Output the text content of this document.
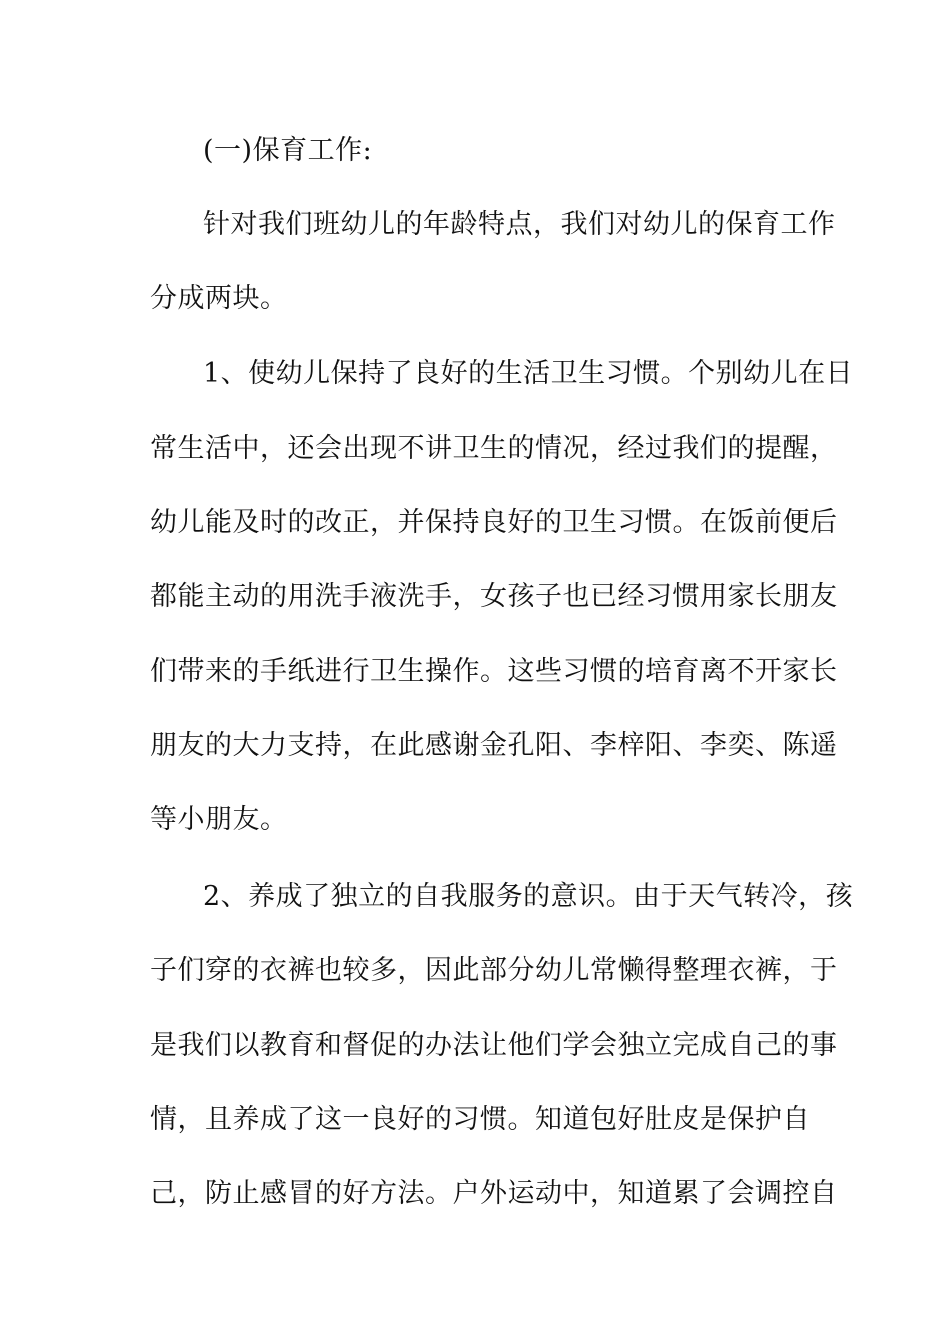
(一)保育工作:
针对我们班幼儿的年龄特点，我们对幼儿的保育工作
分成两块。
1、使幼儿保持了良好的生活卫生习惯。个别幼儿在日
常生活中，还会出现不讲卫生的情况，经过我们的提醒，
幼儿能及时的改正，并保持良好的卫生习惯。在饭前便后
都能主动的用洗手液洗手，女孩子也已经习惯用家长朋友
们带来的手纸进行卫生操作。这些习惯的培育离不开家长
朋友的大力支持，在此感谢金孔阳、李梓阳、李奕、陈遥
等小朋友。
2、养成了独立的自我服务的意识。由于天气转冷，孩
子们穿的衣裤也较多，因此部分幼儿常懒得整理衣裤，于
是我们以教育和督促的办法让他们学会独立完成自己的事
情，且养成了这一良好的习惯。知道包好肚皮是保护自
己，防止感冒的好方法。户外运动中，知道累了会调控自
